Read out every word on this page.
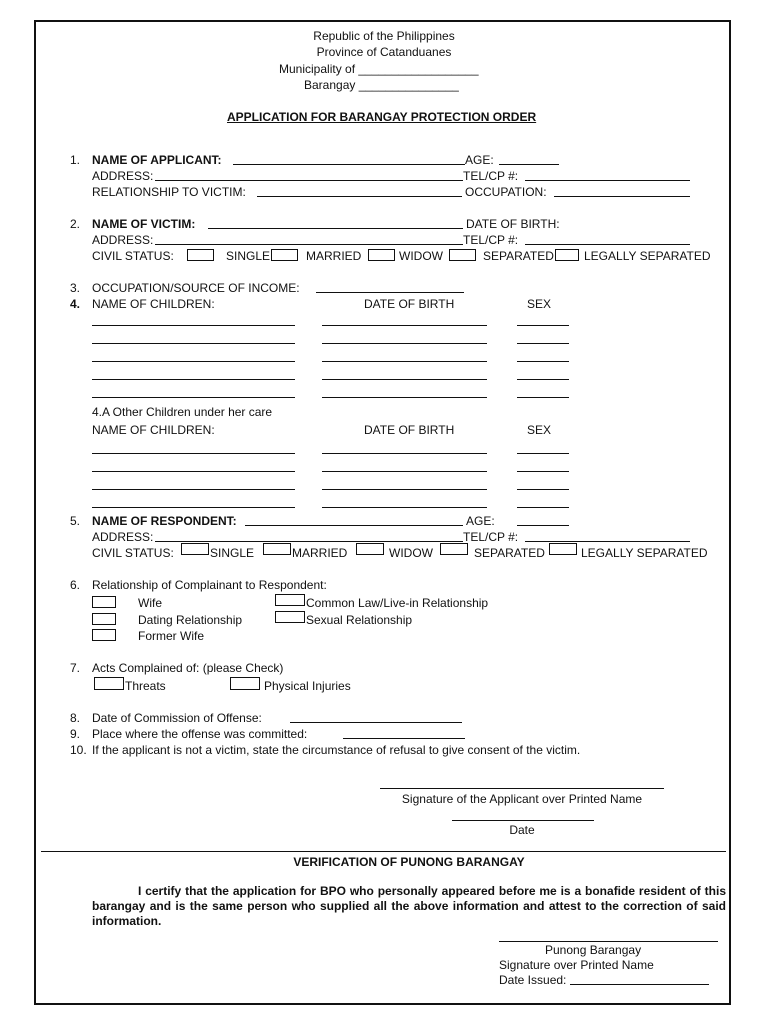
Republic of the Philippines
Province of Catanduanes
Municipality of __________________
Barangay _______________
APPLICATION FOR BARANGAY PROTECTION ORDER
1. NAME OF APPLICANT:	AGE:
ADDRESS:	TEL/CP #:
RELATIONSHIP TO VICTIM:	OCCUPATION:
2. NAME OF VICTIM:	DATE OF BIRTH:
ADDRESS:	TEL/CP #:
CIVIL STATUS:	SINGLE	MARRIED	WIDOW	SEPARATED	LEGALLY SEPARATED
3. OCCUPATION/SOURCE OF INCOME:
4. NAME OF CHILDREN:	DATE OF BIRTH	SEX
4.A Other Children under her care
NAME OF CHILDREN:	DATE OF BIRTH	SEX
5. NAME OF RESPONDENT:	AGE:
ADDRESS:	TEL/CP #:
CIVIL STATUS:	SINGLE	MARRIED	WIDOW	SEPARATED	LEGALLY SEPARATED
6. Relationship of Complainant to Respondent:
Wife	Common Law/Live-in Relationship
Dating Relationship	Sexual Relationship
Former Wife
7. Acts Complained of: (please Check)
Threats	Physical Injuries
8. Date of Commission of Offense:
9. Place where the offense was committed:
10. If the applicant is not a victim, state the circumstance of refusal to give consent of the victim.
Signature of the Applicant over Printed Name
Date
VERIFICATION OF PUNONG BARANGAY
I certify that the application for BPO who personally appeared before me is a bonafide resident of this barangay and is the same person who supplied all the above information and attest to the correction of said information.
Punong Barangay
Signature over Printed Name
Date Issued:
